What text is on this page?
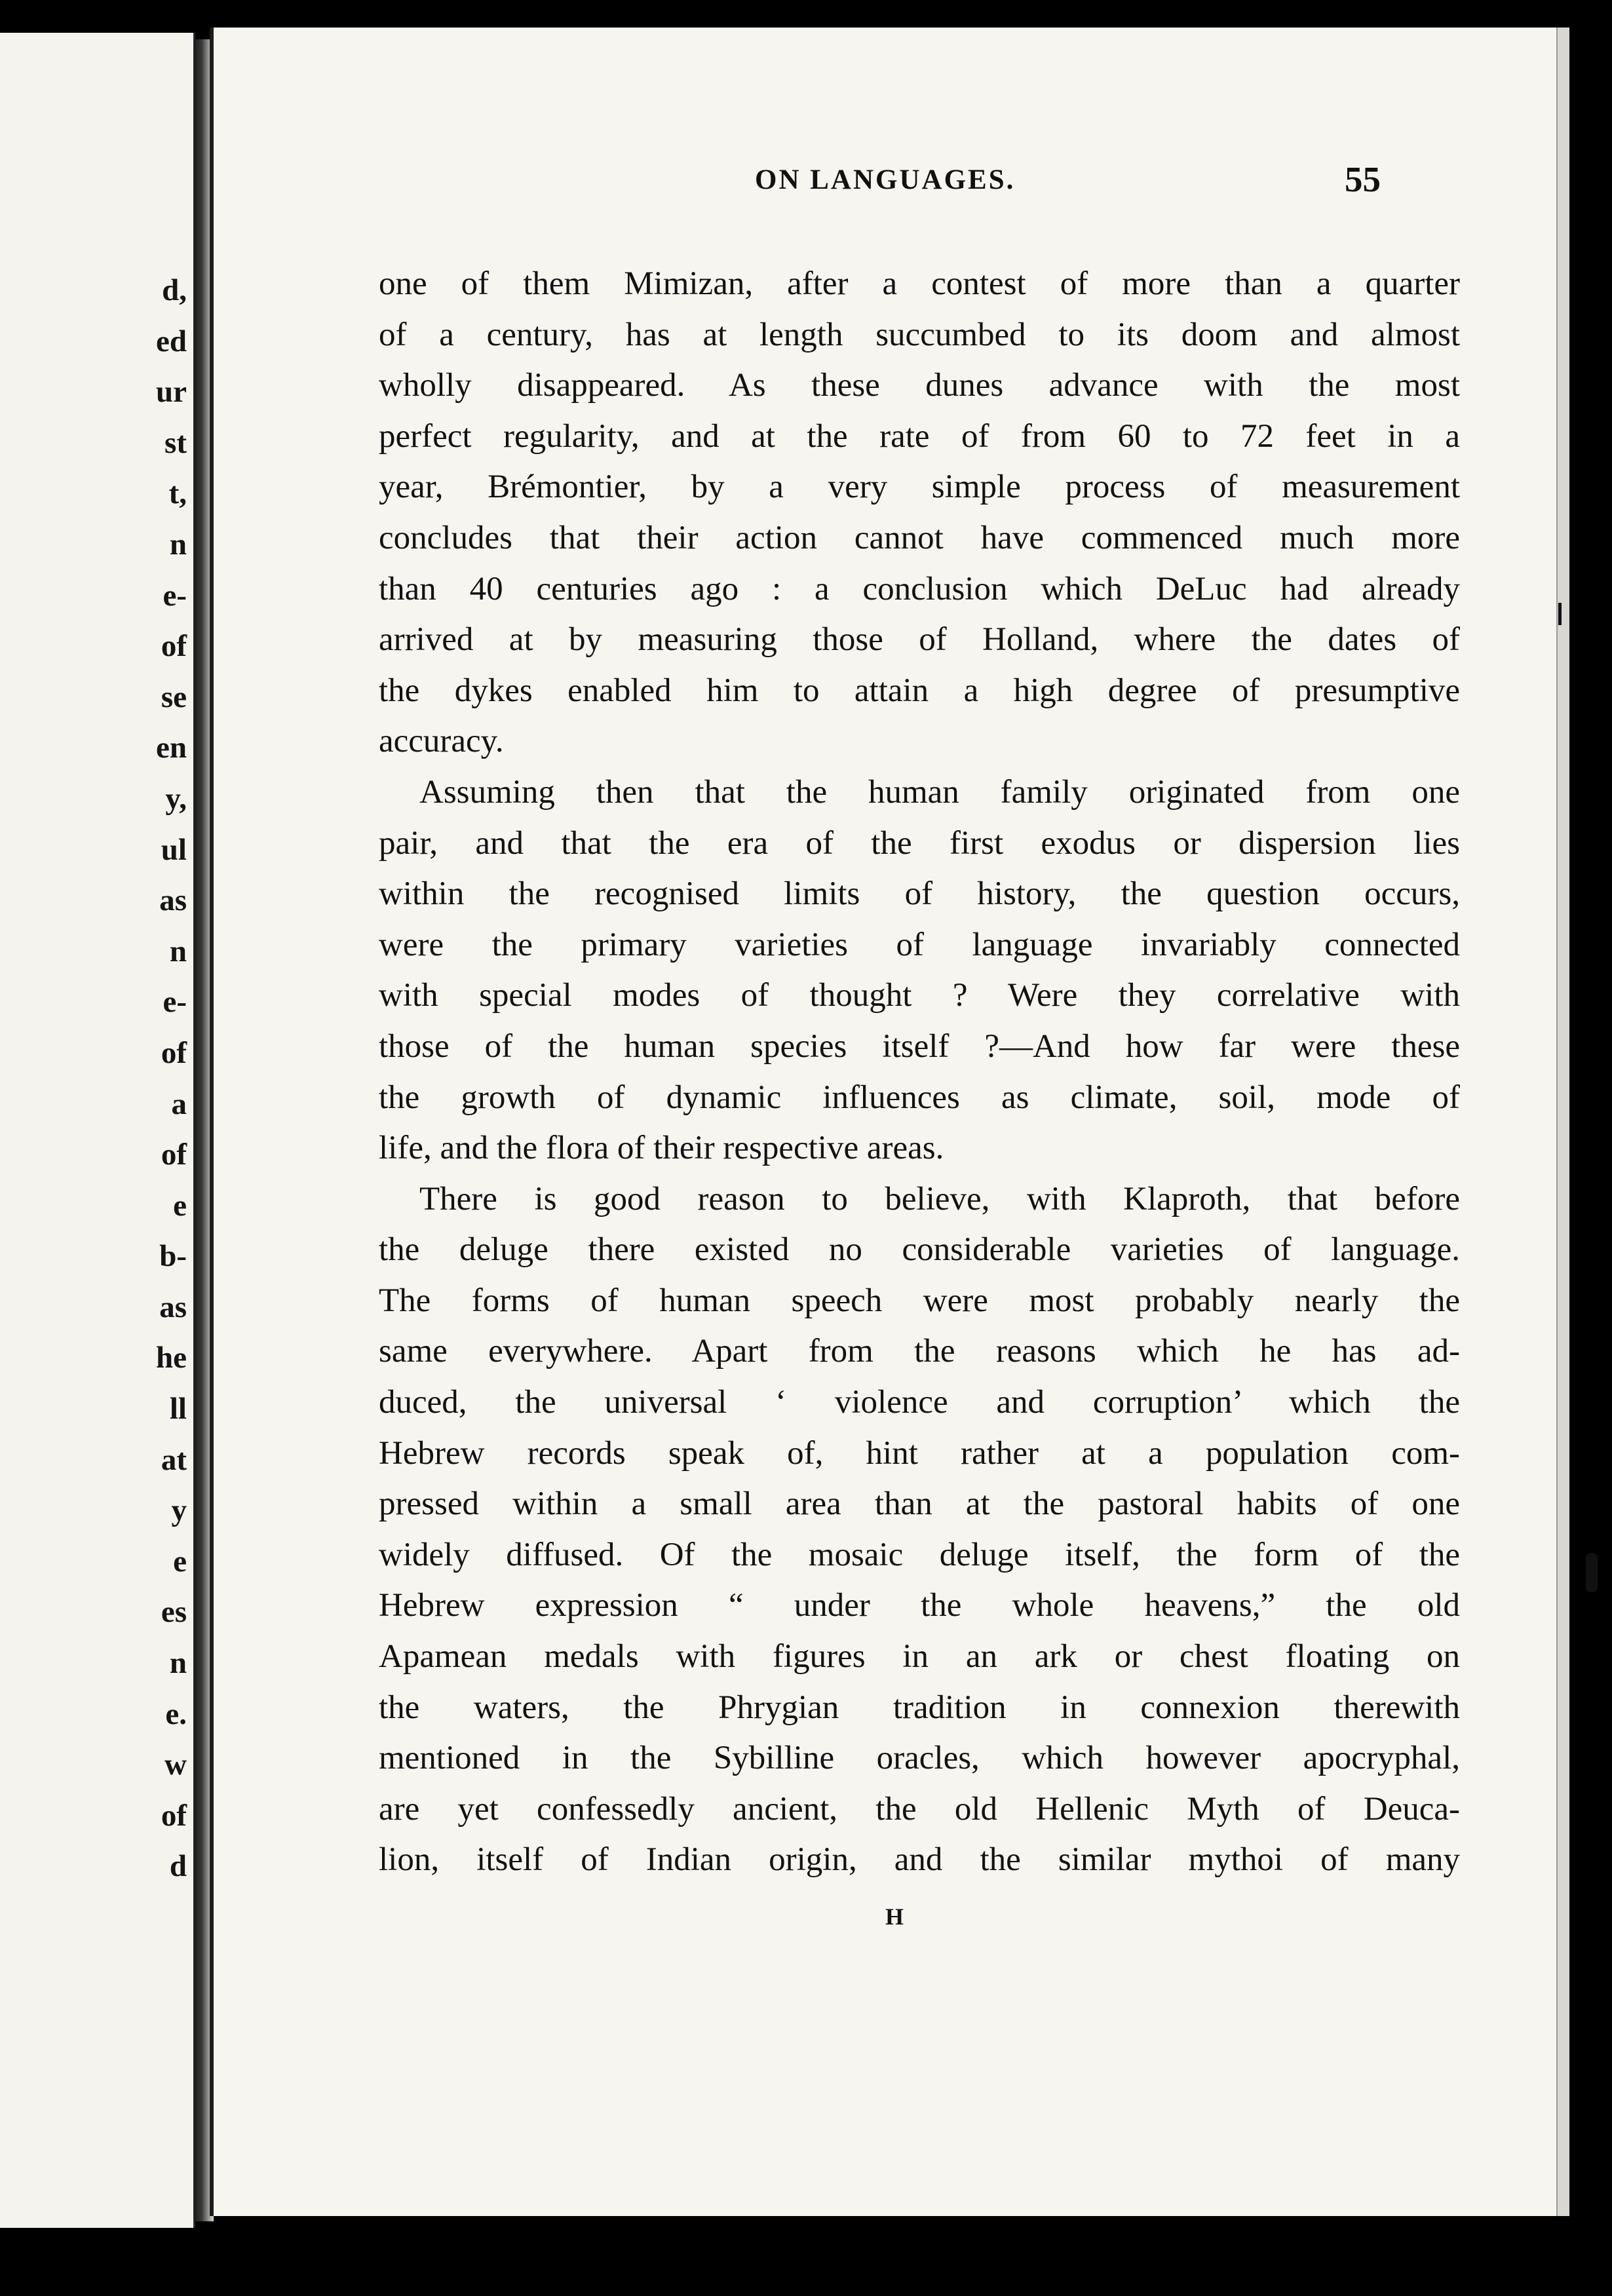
d,
ed
ur
st
t,
n
e-
of
se
en
y,
ul
as
n
e-
of
a
of
e
b-
as
he
ll
at
y
e
es
n
e.
w
of
d
ON LANGUAGES.	55
one of them Mimizan, after a contest of more than a quarter
of a century, has at length succumbed to its doom and almost
wholly disappeared. As these dunes advance with the most
perfect regularity, and at the rate of from 60 to 72 feet in a
year, Brémontier, by a very simple process of measurement
concludes that their action cannot have commenced much more
than 40 centuries ago : a conclusion which DeLuc had already
arrived at by measuring those of Holland, where the dates of
the dykes enabled him to attain a high degree of presumptive
accuracy.
Assuming then that the human family originated from one
pair, and that the era of the first exodus or dispersion lies
within the recognised limits of history, the question occurs,
were the primary varieties of language invariably connected
with special modes of thought ? Were they correlative with
those of the human species itself ?—And how far were these
the growth of dynamic influences as climate, soil, mode of
life, and the flora of their respective areas.
There is good reason to believe, with Klaproth, that before
the deluge there existed no considerable varieties of language.
The forms of human speech were most probably nearly the
same everywhere. Apart from the reasons which he has ad-
duced, the universal ‘ violence and corruption’ which the
Hebrew records speak of, hint rather at a population com-
pressed within a small area than at the pastoral habits of one
widely diffused. Of the mosaic deluge itself, the form of the
Hebrew expression “ under the whole heavens,” the old
Apamean medals with figures in an ark or chest floating on
the waters, the Phrygian tradition in connexion therewith
mentioned in the Sybilline oracles, which however apocryphal,
are yet confessedly ancient, the old Hellenic Myth of Deuca-
lion, itself of Indian origin, and the similar mythoi of many
H
